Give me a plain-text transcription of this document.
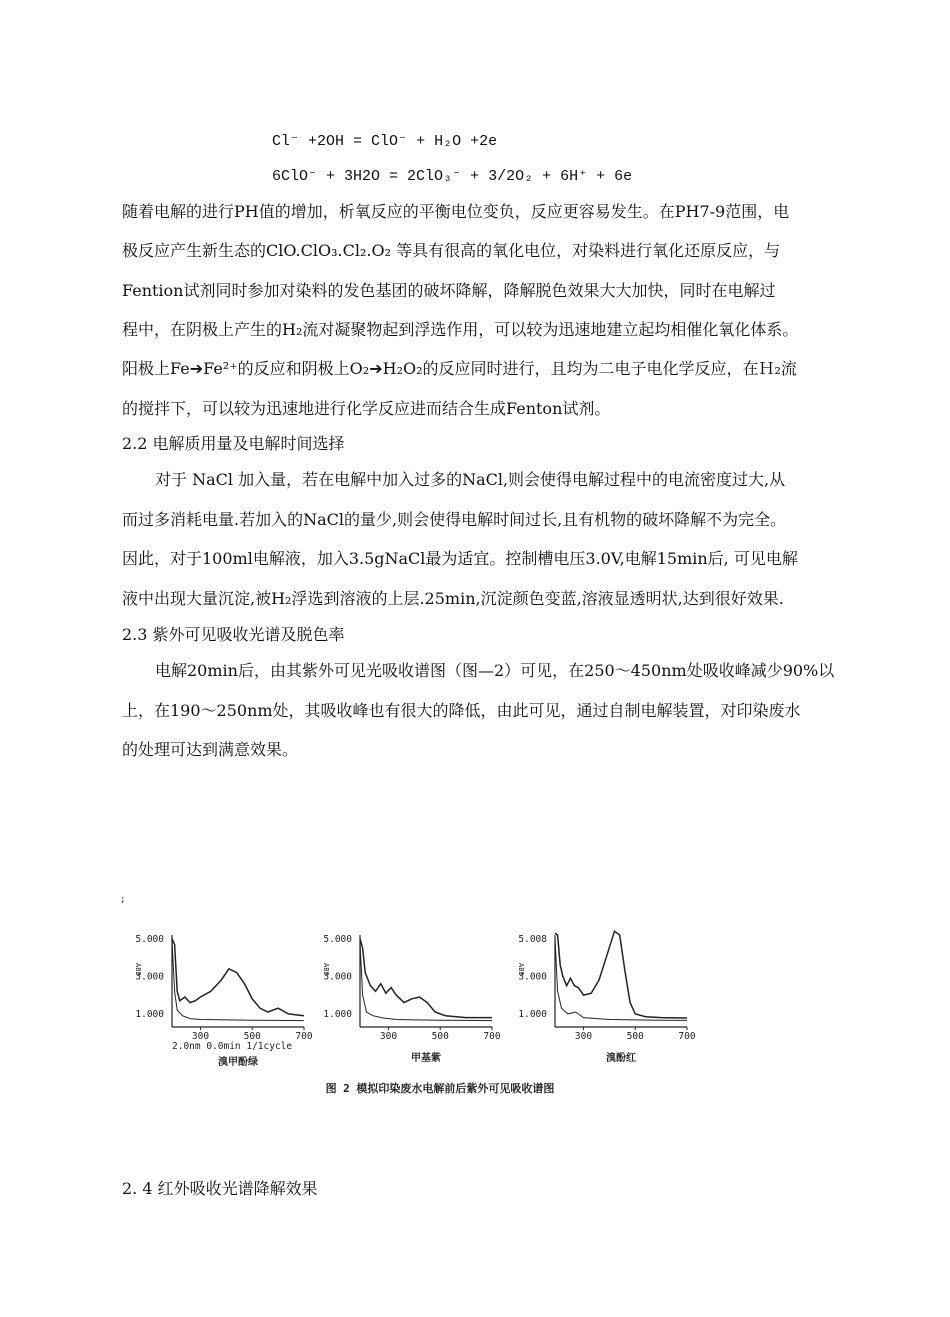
Cl⁻ +2OH = ClO⁻ + H₂O +2e
6ClO⁻ + 3H2O = 2ClO₃⁻ + 3/2O₂ + 6H⁺ + 6e
随着电解的进行PH值的增加，析氧反应的平衡电位变负，反应更容易发生。在PH7-9范围，电
极反应产生新生态的ClO.ClO₃.Cl₂.O₂ 等具有很高的氧化电位，对染料进行氧化还原反应，与
Fention试剂同时参加对染料的发色基团的破坏降解，降解脱色效果大大加快，同时在电解过
程中，在阴极上产生的H₂流对凝聚物起到浮选作用，可以较为迅速地建立起均相催化氧化体系。
阳极上Fe➔Fe²⁺的反应和阴极上O₂➔H₂O₂的反应同时进行，且均为二电子电化学反应，在Ｈ₂流
的搅拌下，可以较为迅速地进行化学反应进而结合生成Fenton试剂。
2.2 电解质用量及电解时间选择
对于 NaCl 加入量，若在电解中加入过多的NaCl,则会使得电解过程中的电流密度过大,从
而过多消耗电量.若加入的NaCl的量少,则会使得电解时间过长,且有机物的破坏降解不为完全。
因此，对于100ml电解液，加入3.5gNaCl最为适宜。控制槽电压3.0V,电解15min后, 可见电解
液中出现大量沉淀,被H₂浮选到溶液的上层.25min,沉淀颜色变蓝,溶液显透明状,达到很好效果.
2.3 紫外可见吸收光谱及脱色率
电解20min后，由其紫外可见光吸收谱图（图—2）可见，在250～450nm处吸收峰减少90%以
上，在190～250nm处，其吸收峰也有很大的降低，由此可见，通过自制电解装置，对印染废水
的处理可达到满意效果。
5.000
3.000
1.000
ABS
300	500	700
溴甲酚绿
5.000
3.000
1.000
ABS
300	500	700
甲基紫
5.008
3.000
1.000
ABS
300	500	700
溴酚红
;
2.0nm 0.0min 1/1cycle
图 2 模拟印染废水电解前后紫外可见吸收谱图
2. 4 红外吸收光谱降解效果
